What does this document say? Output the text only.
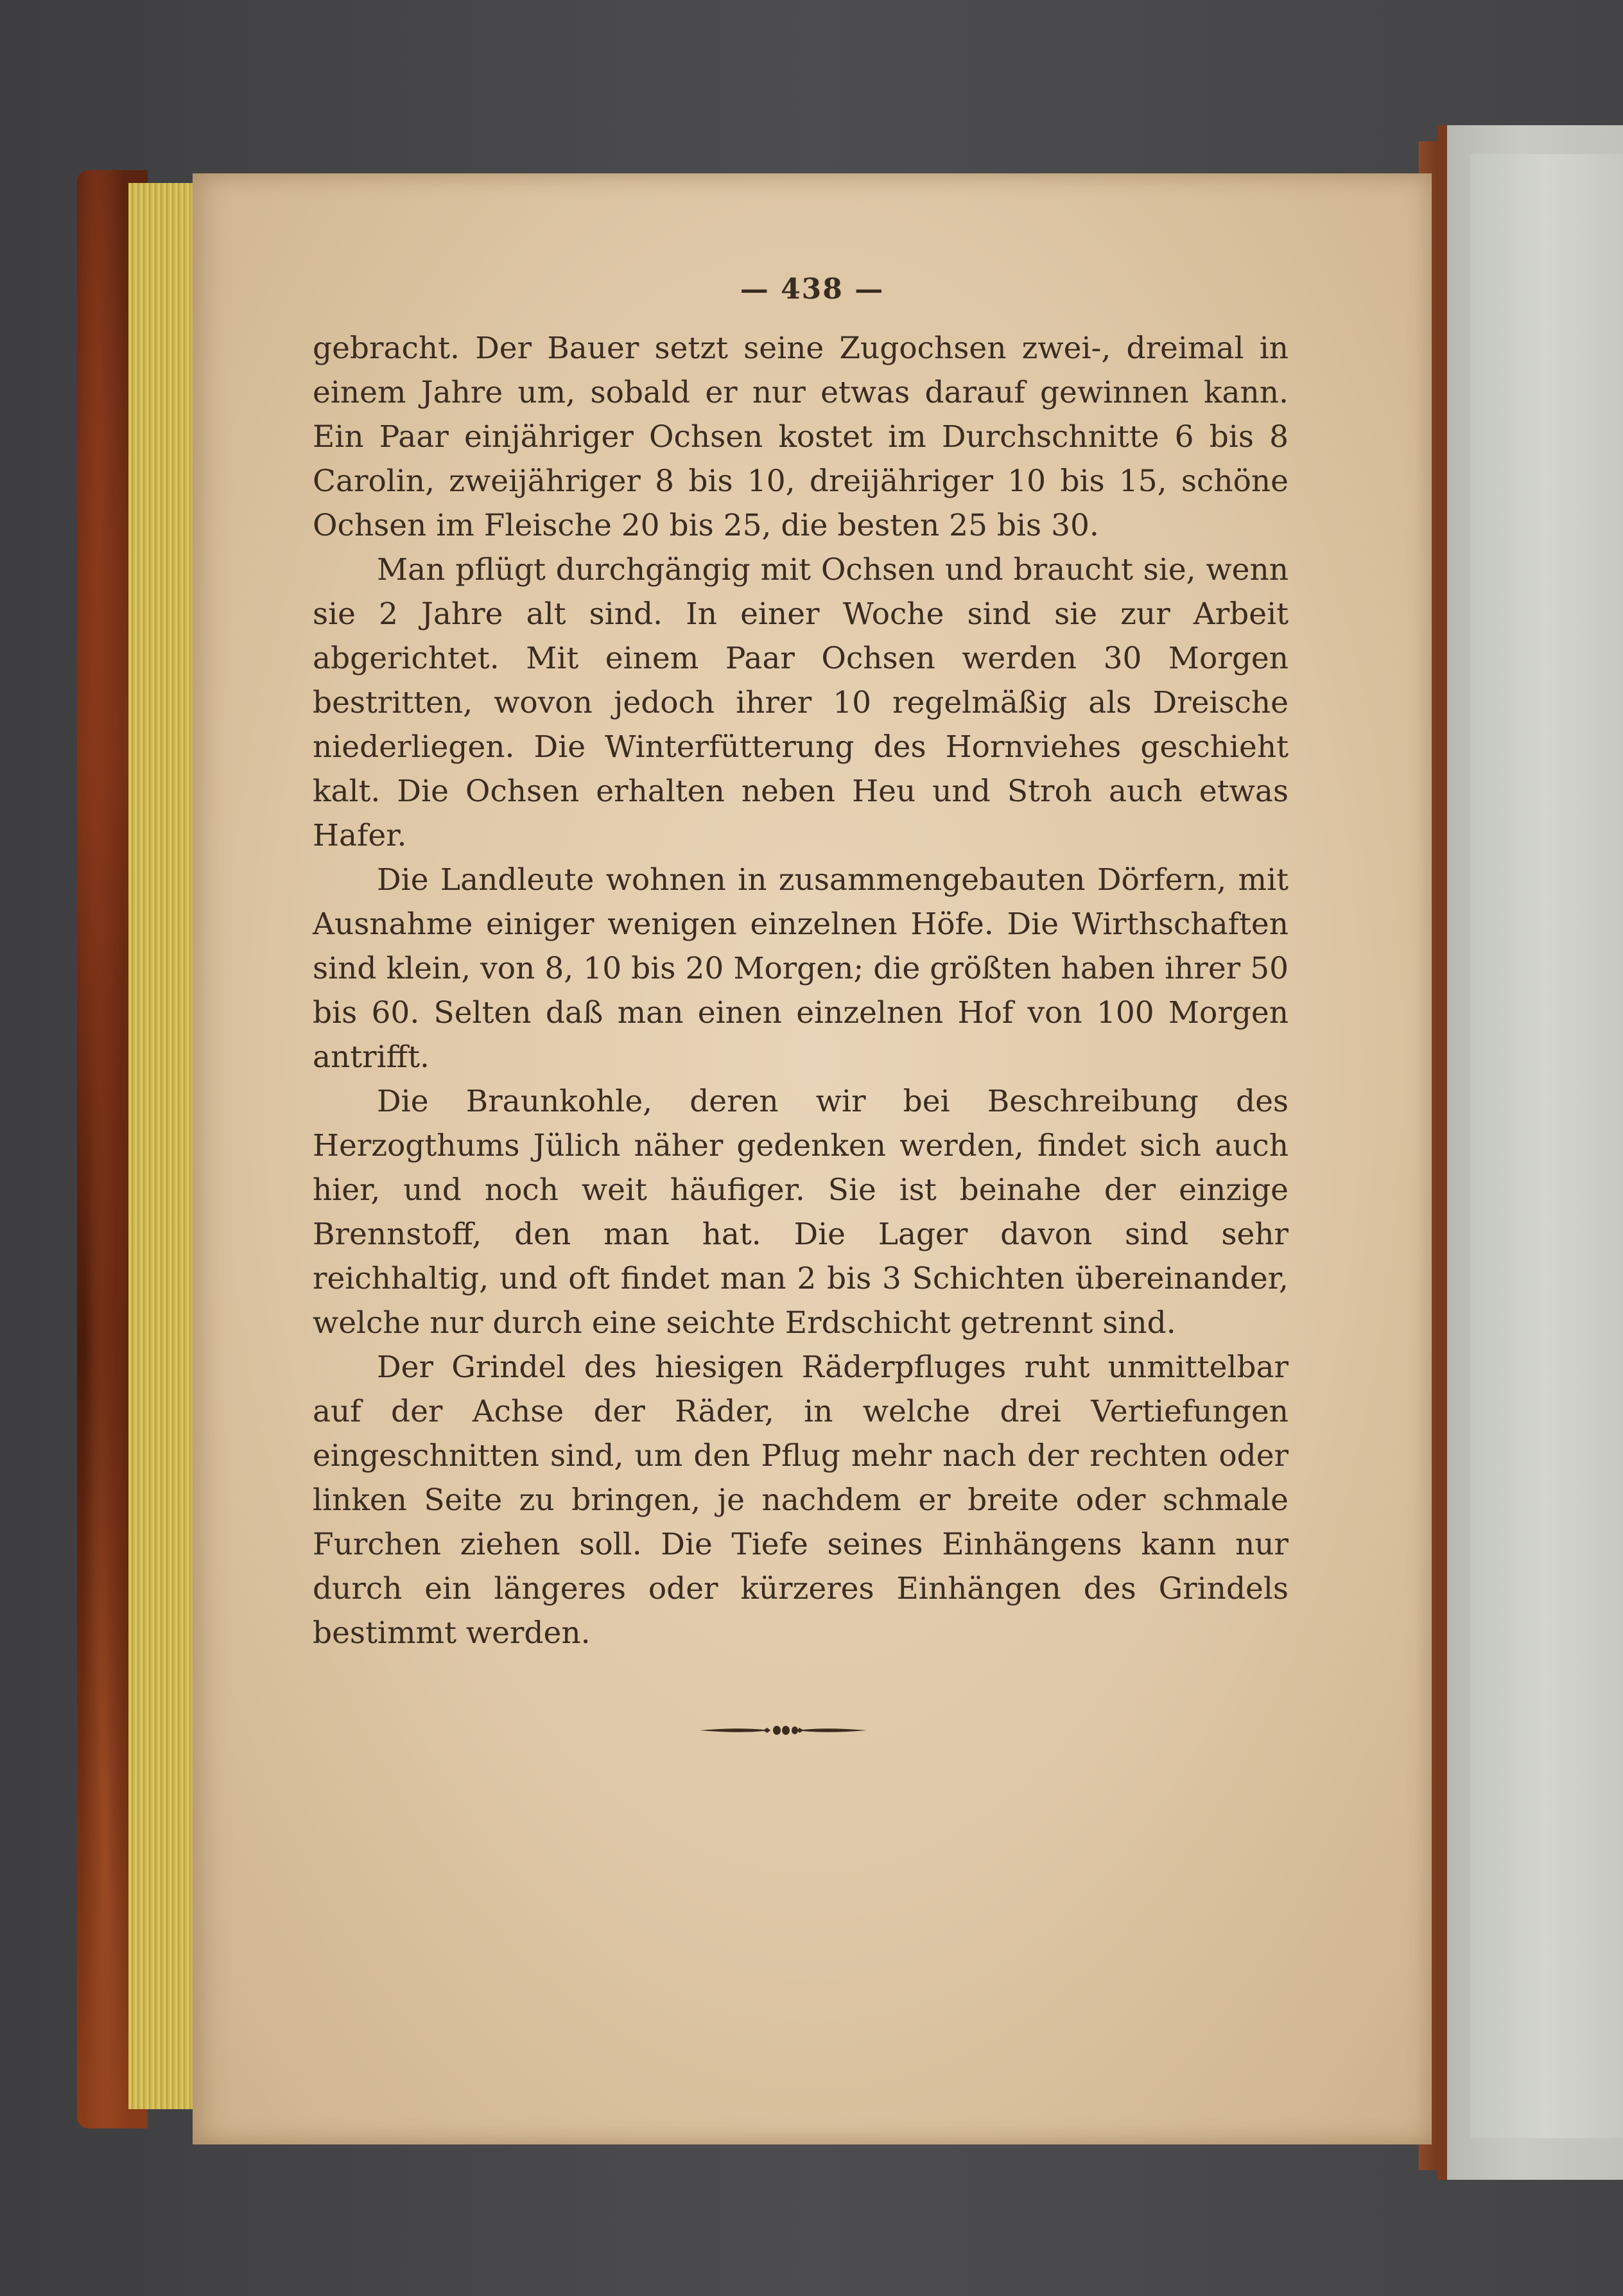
— 438 —

gebracht. Der Bauer setzt seine Zugochsen zwei-, dreimal in einem Jahre um, sobald er nur etwas darauf gewinnen kann. Ein Paar einjähriger Ochsen kostet im Durchschnitte 6 bis 8 Carolin, zweijähriger 8 bis 10, dreijähriger 10 bis 15, schöne Ochsen im Fleische 20 bis 25, die besten 25 bis 30.

Man pflügt durchgängig mit Ochsen und braucht sie, wenn sie 2 Jahre alt sind. In einer Woche sind sie zur Arbeit abgerichtet. Mit einem Paar Ochsen werden 30 Morgen bestritten, wovon jedoch ihrer 10 regelmäßig als Dreische niederliegen. Die Winterfütterung des Hornviehes geschieht kalt. Die Ochsen erhalten neben Heu und Stroh auch etwas Hafer.

Die Landleute wohnen in zusammengebauten Dörfern, mit Ausnahme einiger wenigen einzelnen Höfe. Die Wirthschaften sind klein, von 8, 10 bis 20 Morgen; die größten haben ihrer 50 bis 60. Selten daß man einen einzelnen Hof von 100 Morgen antrifft.

Die Braunkohle, deren wir bei Beschreibung des Herzogthums Jülich näher gedenken werden, findet sich auch hier, und noch weit häufiger. Sie ist beinahe der einzige Brennstoff, den man hat. Die Lager davon sind sehr reichhaltig, und oft findet man 2 bis 3 Schichten übereinander, welche nur durch eine seichte Erdschicht getrennt sind.

Der Grindel des hiesigen Räderpfluges ruht unmittelbar auf der Achse der Räder, in welche drei Vertiefungen eingeschnitten sind, um den Pflug mehr nach der rechten oder linken Seite zu bringen, je nachdem er breite oder schmale Furchen ziehen soll. Die Tiefe seines Einhängens kann nur durch ein längeres oder kürzeres Einhängen des Grindels bestimmt werden.
